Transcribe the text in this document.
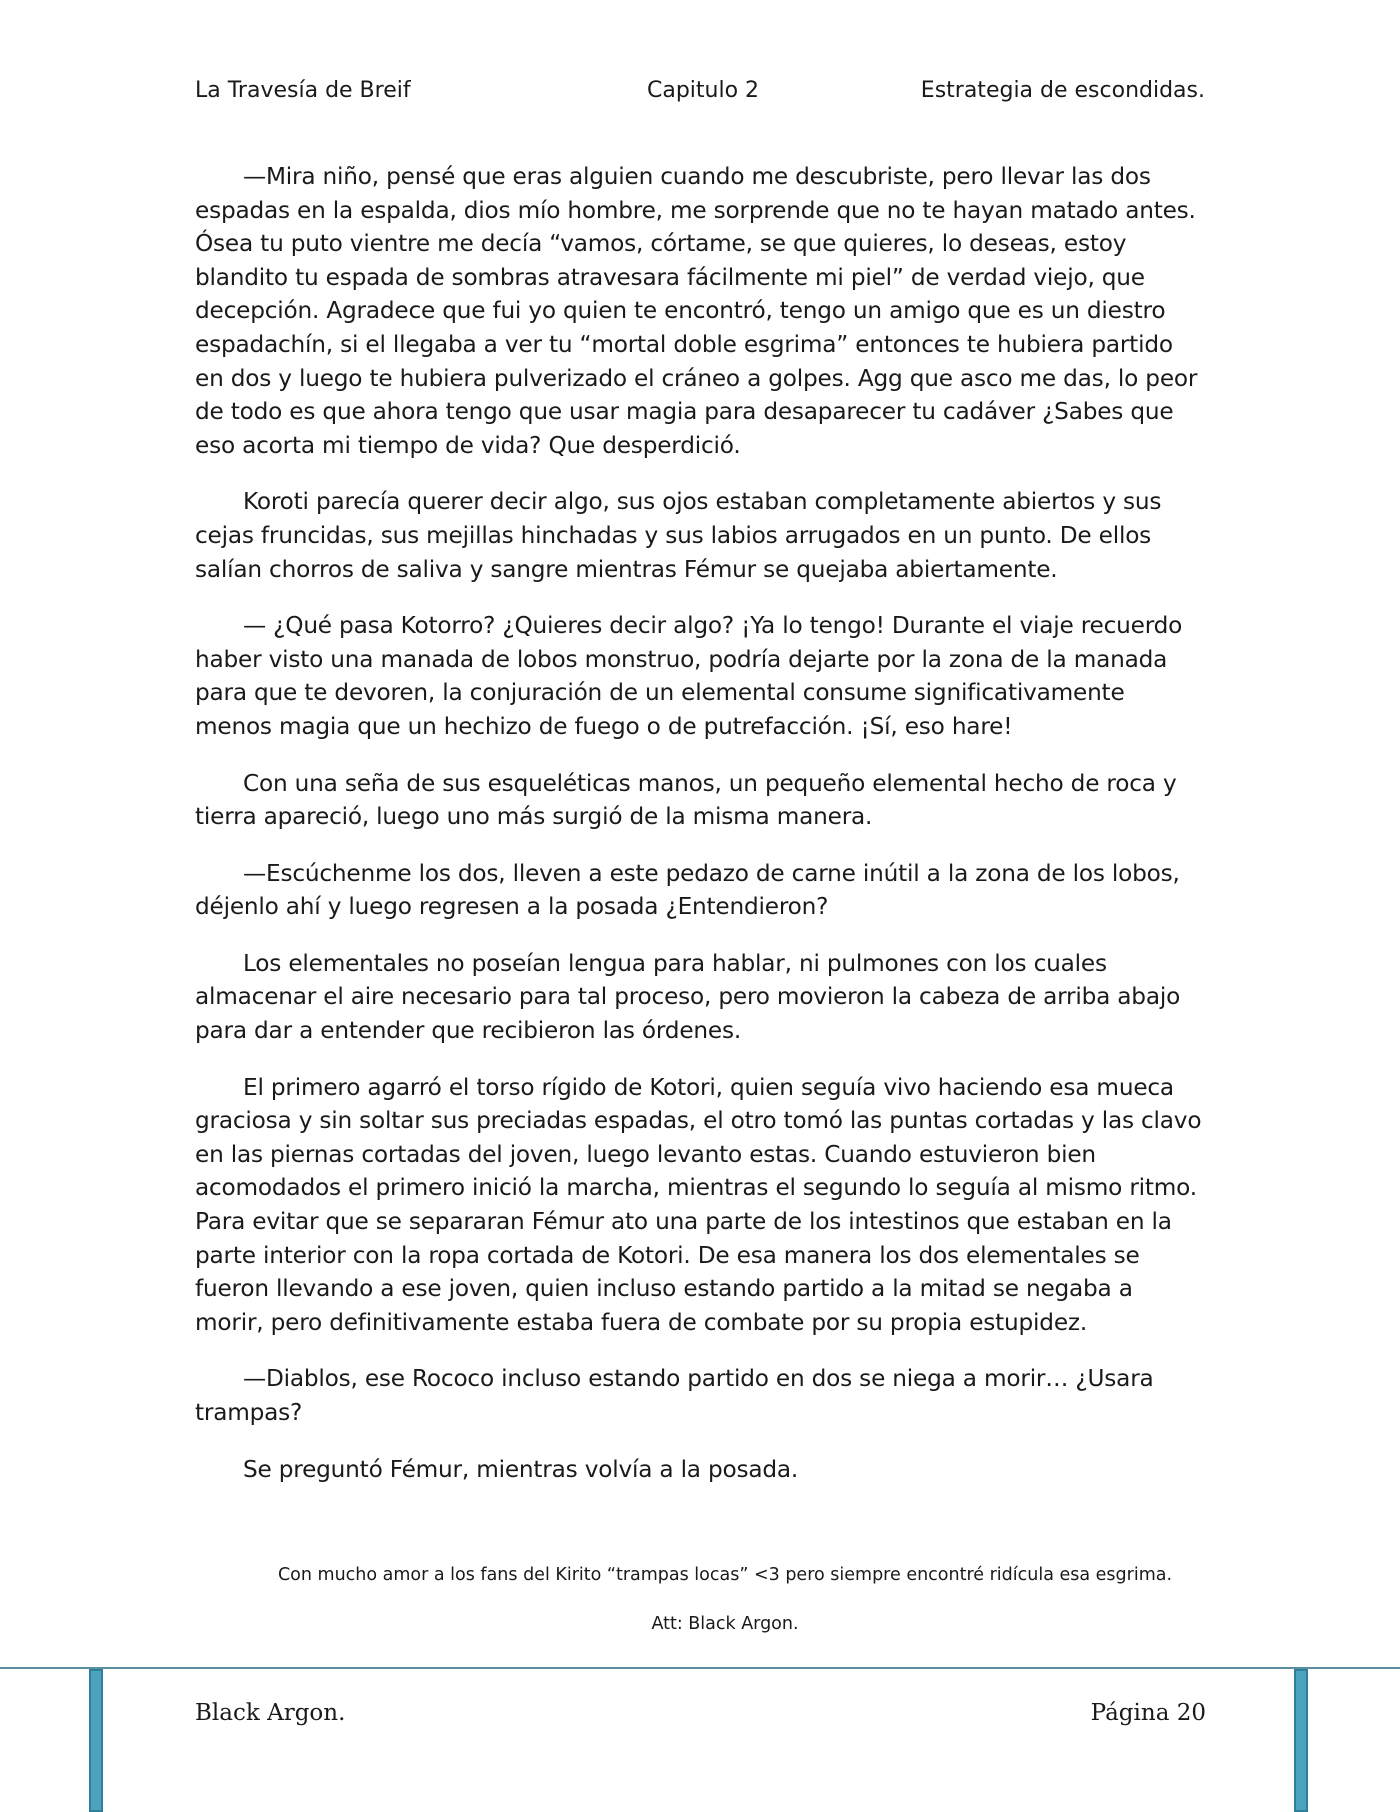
La Travesía de Breif	Capitulo 2	Estrategia de escondidas.

—Mira niño, pensé que eras alguien cuando me descubriste, pero llevar las dos espadas en la espalda, dios mío hombre, me sorprende que no te hayan matado antes. Ósea tu puto vientre me decía “vamos, córtame, se que quieres, lo deseas, estoy blandito tu espada de sombras atravesara fácilmente mi piel” de verdad viejo, que decepción. Agradece que fui yo quien te encontró, tengo un amigo que es un diestro espadachín, si el llegaba a ver tu “mortal doble esgrima” entonces te hubiera partido en dos y luego te hubiera pulverizado el cráneo a golpes. Agg que asco me das, lo peor de todo es que ahora tengo que usar magia para desaparecer tu cadáver ¿Sabes que eso acorta mi tiempo de vida? Que desperdició.

Koroti parecía querer decir algo, sus ojos estaban completamente abiertos y sus cejas fruncidas, sus mejillas hinchadas y sus labios arrugados en un punto. De ellos salían chorros de saliva y sangre mientras Fémur se quejaba abiertamente.

— ¿Qué pasa Kotorro? ¿Quieres decir algo? ¡Ya lo tengo! Durante el viaje recuerdo haber visto una manada de lobos monstruo, podría dejarte por la zona de la manada para que te devoren, la conjuración de un elemental consume significativamente menos magia que un hechizo de fuego o de putrefacción. ¡Sí, eso hare!

Con una seña de sus esqueléticas manos, un pequeño elemental hecho de roca y tierra apareció, luego uno más surgió de la misma manera.

—Escúchenme los dos, lleven a este pedazo de carne inútil a la zona de los lobos, déjenlo ahí y luego regresen a la posada ¿Entendieron?

Los elementales no poseían lengua para hablar, ni pulmones con los cuales almacenar el aire necesario para tal proceso, pero movieron la cabeza de arriba abajo para dar a entender que recibieron las órdenes.

El primero agarró el torso rígido de Kotori, quien seguía vivo haciendo esa mueca graciosa y sin soltar sus preciadas espadas, el otro tomó las puntas cortadas y las clavo en las piernas cortadas del joven, luego levanto estas. Cuando estuvieron bien acomodados el primero inició la marcha, mientras el segundo lo seguía al mismo ritmo. Para evitar que se separaran Fémur ato una parte de los intestinos que estaban en la parte interior con la ropa cortada de Kotori. De esa manera los dos elementales se fueron llevando a ese joven, quien incluso estando partido a la mitad se negaba a morir, pero definitivamente estaba fuera de combate por su propia estupidez.

—Diablos, ese Rococo incluso estando partido en dos se niega a morir… ¿Usara trampas?

Se preguntó Fémur, mientras volvía a la posada.

Con mucho amor a los fans del Kirito “trampas locas” <3 pero siempre encontré ridícula esa esgrima.
Att: Black Argon.
Black Argon.	Página 20
